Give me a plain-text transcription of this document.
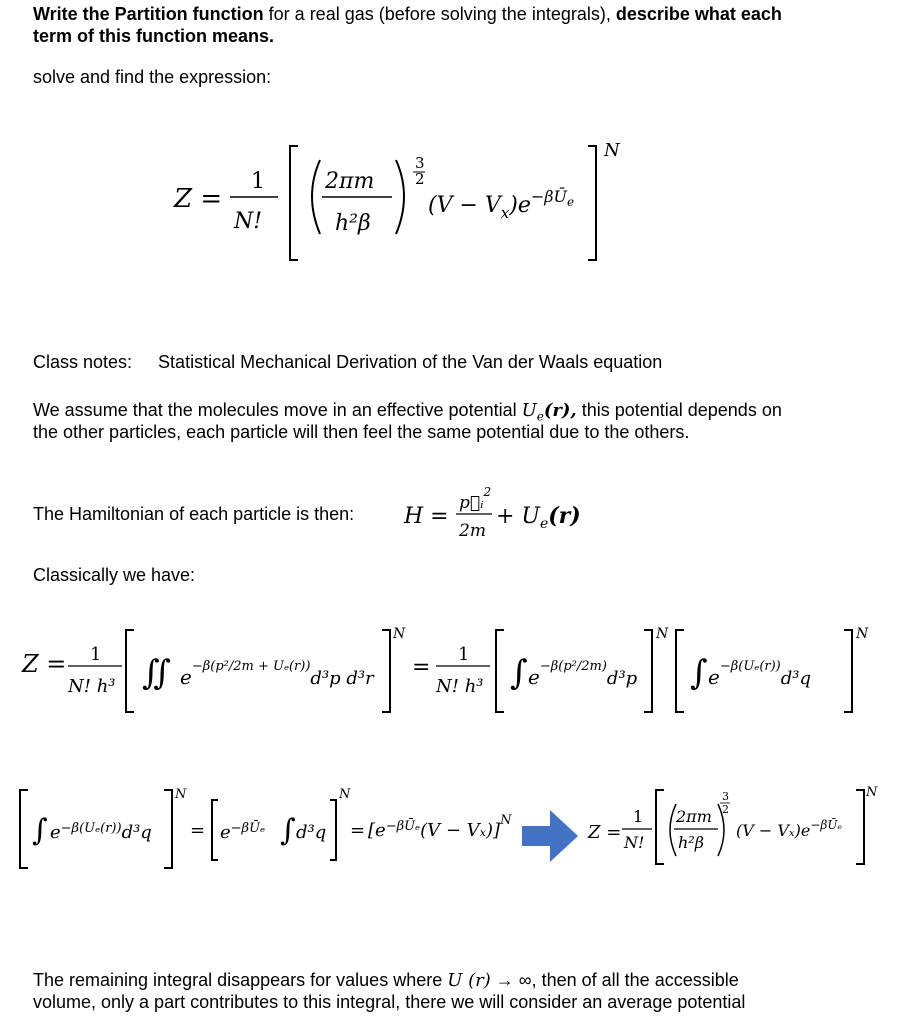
Write the Partition function for a real gas (before solving the integrals), describe what each
term of this function means.
solve and find the expression:
Z =
1
N!
2πm
h²β
3
2
$(V - V_x)e^{-\beta Ū}e$
N
Class notes: Statistical Mechanical Derivation of the Van der Waals equation
We assume that the molecules move in an effective potential $U_e(r)$, this potential depends on
the other particles, each particle will then feel the same potential due to the others.
The Hamiltonian of each particle is then: H =
p⃗ᵢ$^2$
2m
+ $U_e(r)$
Classically we have:
Z = 1
N! h³ ∬ $e^{-\beta(p^2/2m + U_e(r))}d^3p$ d³r
N
=
1
N! h³ ∫ $e^{-\beta(p^2/2m)}d^3p$
N
∫ $e^{-\beta(U_e(r))}d^3q$
N
∫ $e^{-\beta(U_e(r))}d^3q$
N
= $e^{-\beta Ū_e}$ ∫ d³q
N
= $[e^{-\beta Ū_e}(V - V_x)]^N$
Z =
1
N!
2πm
h²β
3
2
$(V - V_x)e^{-\beta Ū_e}$
N
The remaining integral disappears for values where U (r) → ∞, then of all the accessible
volume, only a part contributes to this integral, there we will consider an average potential
